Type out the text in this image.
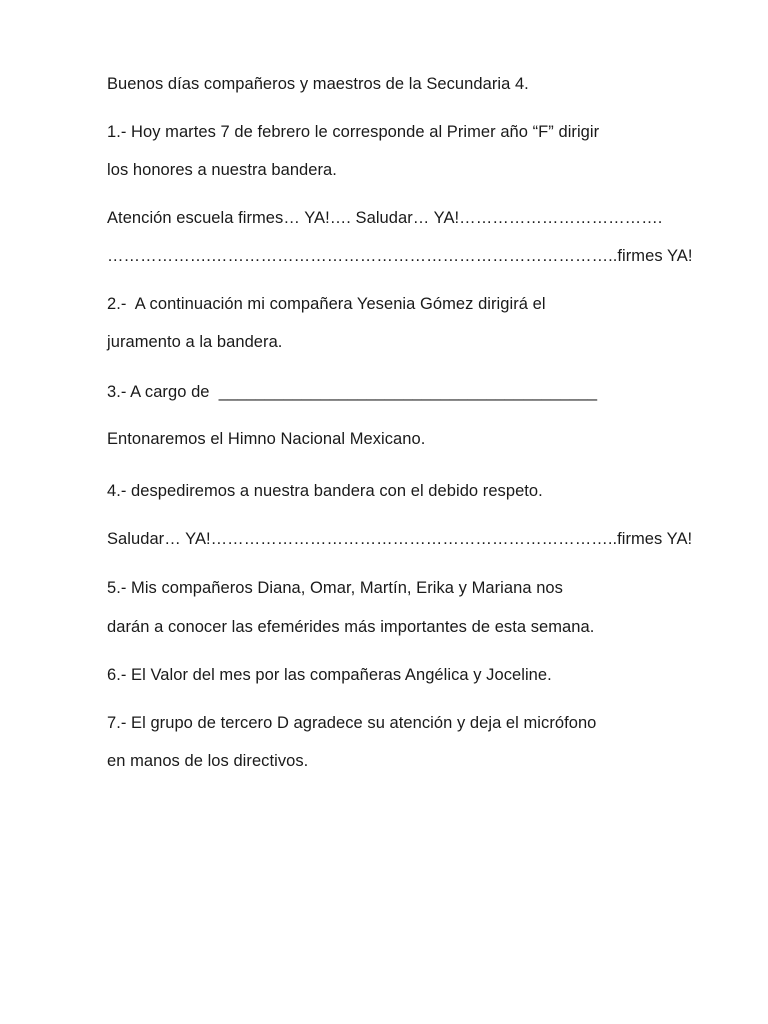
Buenos días compañeros y maestros de la Secundaria 4.
1.- Hoy martes 7 de febrero le corresponde al Primer año “F” dirigir
los honores a nuestra bandera.
Atención escuela firmes… YA!…. Saludar… YA!……………………………….
……………….………………………………………………………………..firmes YA!
2.-  A continuación mi compañera Yesenia Gómez dirigirá el
juramento a la bandera.
3.- A cargo de  _________________________________________
Entonaremos el Himno Nacional Mexicano.
4.- despediremos a nuestra bandera con el debido respeto.
Saludar… YA!………………………………………………………………..firmes YA!
5.- Mis compañeros Diana, Omar, Martín, Erika y Mariana nos
darán a conocer las efemérides más importantes de esta semana.
6.- El Valor del mes por las compañeras Angélica y Joceline.
7.- El grupo de tercero D agradece su atención y deja el micrófono
en manos de los directivos.
